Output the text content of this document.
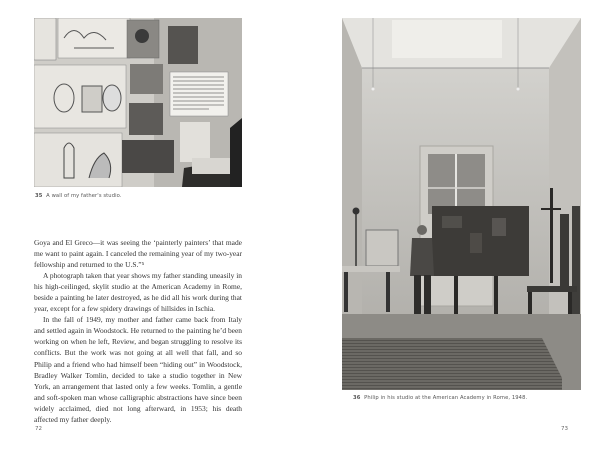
35 A wall of my father's studio.

Goya and El Greco—it was seeing the ‘painterly painters’ that made me want to paint again. I canceled the remaining year of my two-year fellowship and returned to the U.S.”⁵

A photograph taken that year shows my father standing uneasily in his high-ceilinged, skylit studio at the American Academy in Rome, beside a painting he later destroyed, as he did all his work during that year, except for a few spidery drawings of hillsides in Ischia.

In the fall of 1949, my mother and father came back from Italy and settled again in Woodstock. He returned to the painting he’d been working on when he left, Review, and began struggling to resolve its conflicts. But the work was not going at all well that fall, and so Philip and a friend who had himself been “hiding out” in Woodstock, Bradley Walker Tomlin, decided to take a studio together in New York, an arrangement that lasted only a few weeks. Tomlin, a gentle and soft-spoken man whose calligraphic abstractions have since been widely acclaimed, died not long afterward, in 1953; his death affected my father deeply.

72
36 Philip in his studio at the American Academy in Rome, 1948.
73
